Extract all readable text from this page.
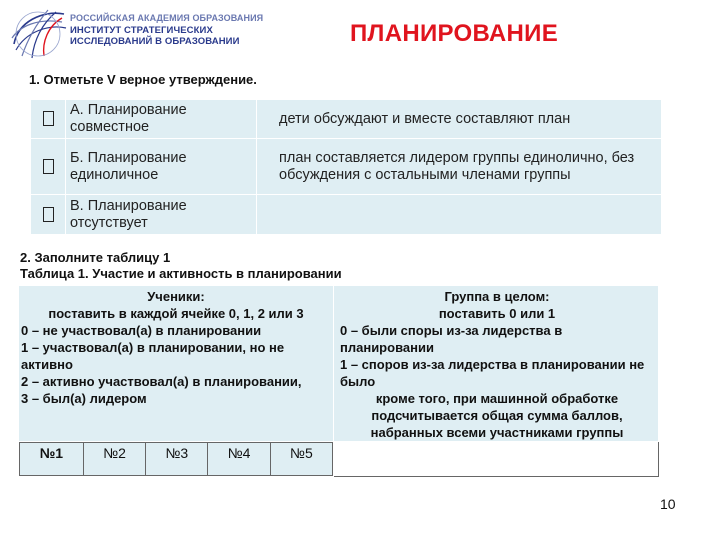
РОССИЙСКАЯ АКАДЕМИЯ ОБРАЗОВАНИЯ
ИНСТИТУТ СТРАТЕГИЧЕСКИХ
ИССЛЕДОВАНИЙ В ОБРАЗОВАНИИ	ПЛАНИРОВАНИЕ
1. Отметьте V верное утверждение.
	А. Планирование совместное	дети обсуждают и вместе составляют план
	Б. Планирование единоличное	план составляется лидером группы единолично, без обсуждения с остальными членами группы
	В. Планирование отсутствует	
2. Заполните таблицу 1
Таблица 1. Участие и активность в планировании
Ученики:
поставить в каждой ячейке 0, 1, 2 или 3
0 – не участвовал(а) в планировании
1 – участвовал(а) в планировании, но не активно
2 – активно участвовал(а) в планировании,
3 – был(а) лидером

Группа в целом:
поставить 0 или 1
0 – были споры из-за лидерства в планировании
1 – споров из-за лидерства в планировании не было
кроме того, при машинной обработке подсчитывается общая сумма баллов, набранных всеми участниками группы

№1	№2	№3	№4	№5

10
